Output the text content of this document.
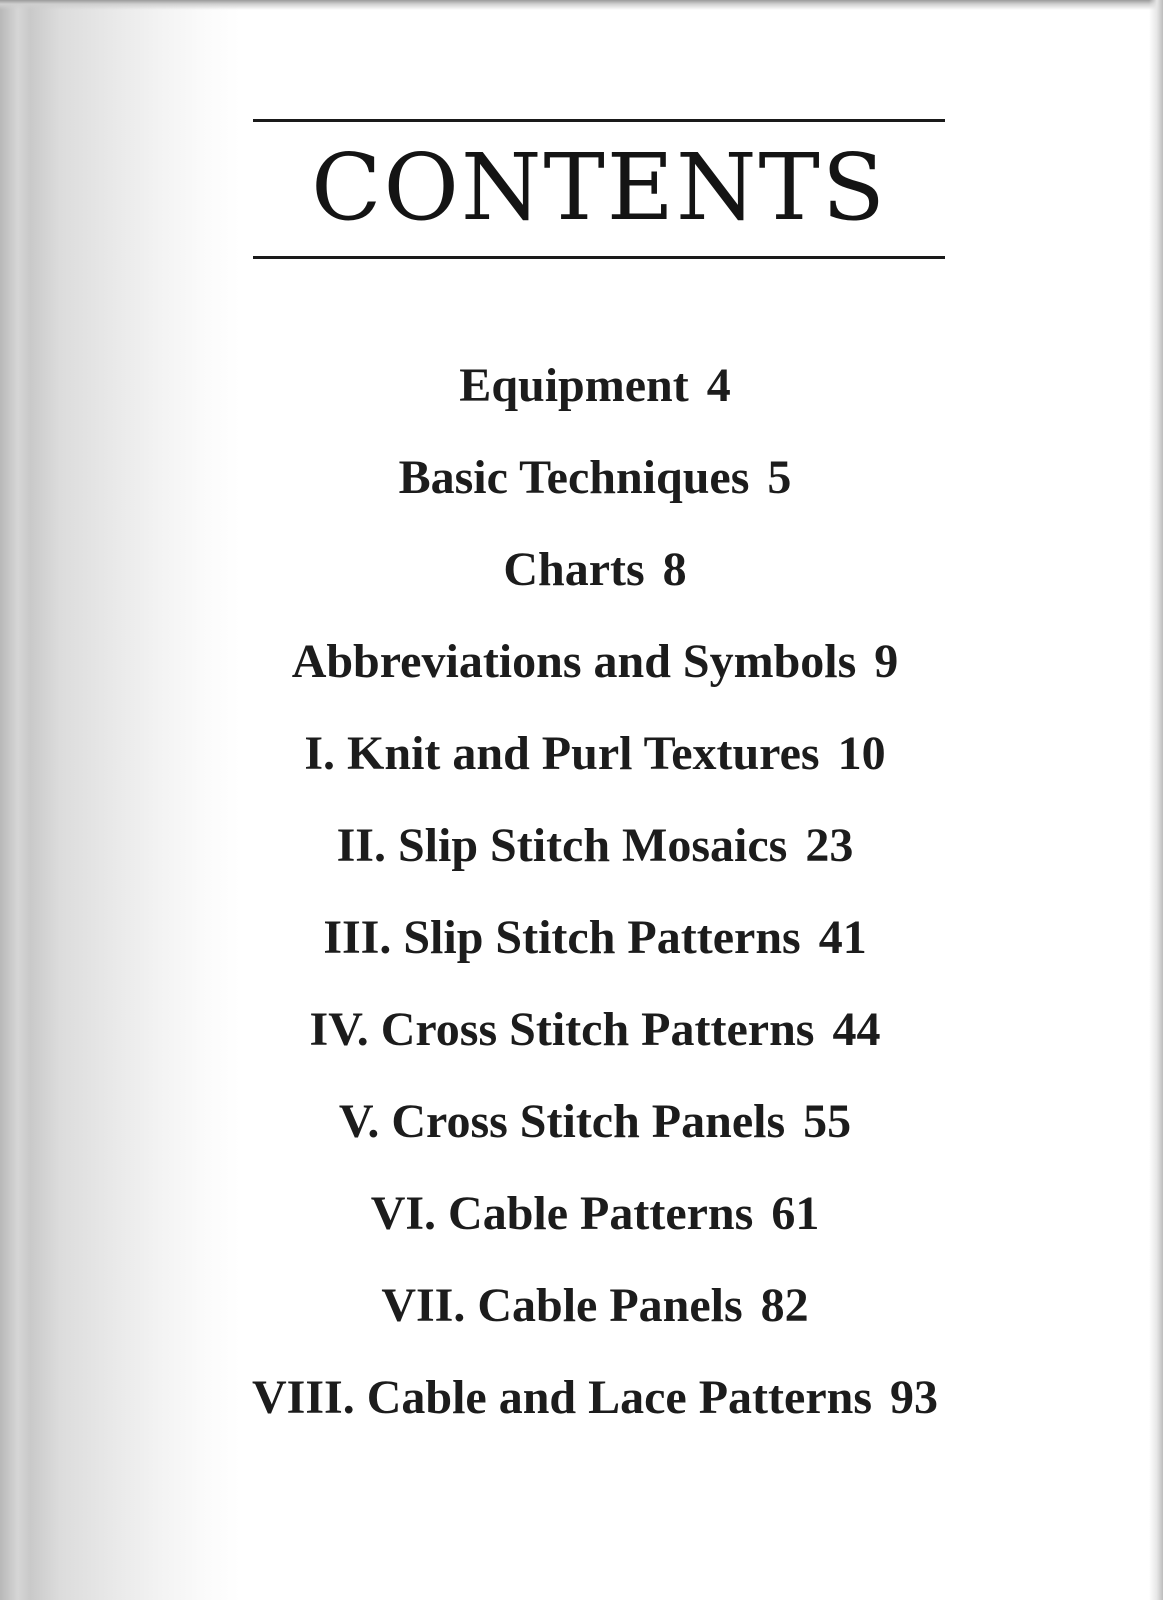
CONTENTS
Equipment 4
Basic Techniques 5
Charts 8
Abbreviations and Symbols 9
I. Knit and Purl Textures 10
II. Slip Stitch Mosaics 23
III. Slip Stitch Patterns 41
IV. Cross Stitch Patterns 44
V. Cross Stitch Panels 55
VI. Cable Patterns 61
VII. Cable Panels 82
VIII. Cable and Lace Patterns 93
